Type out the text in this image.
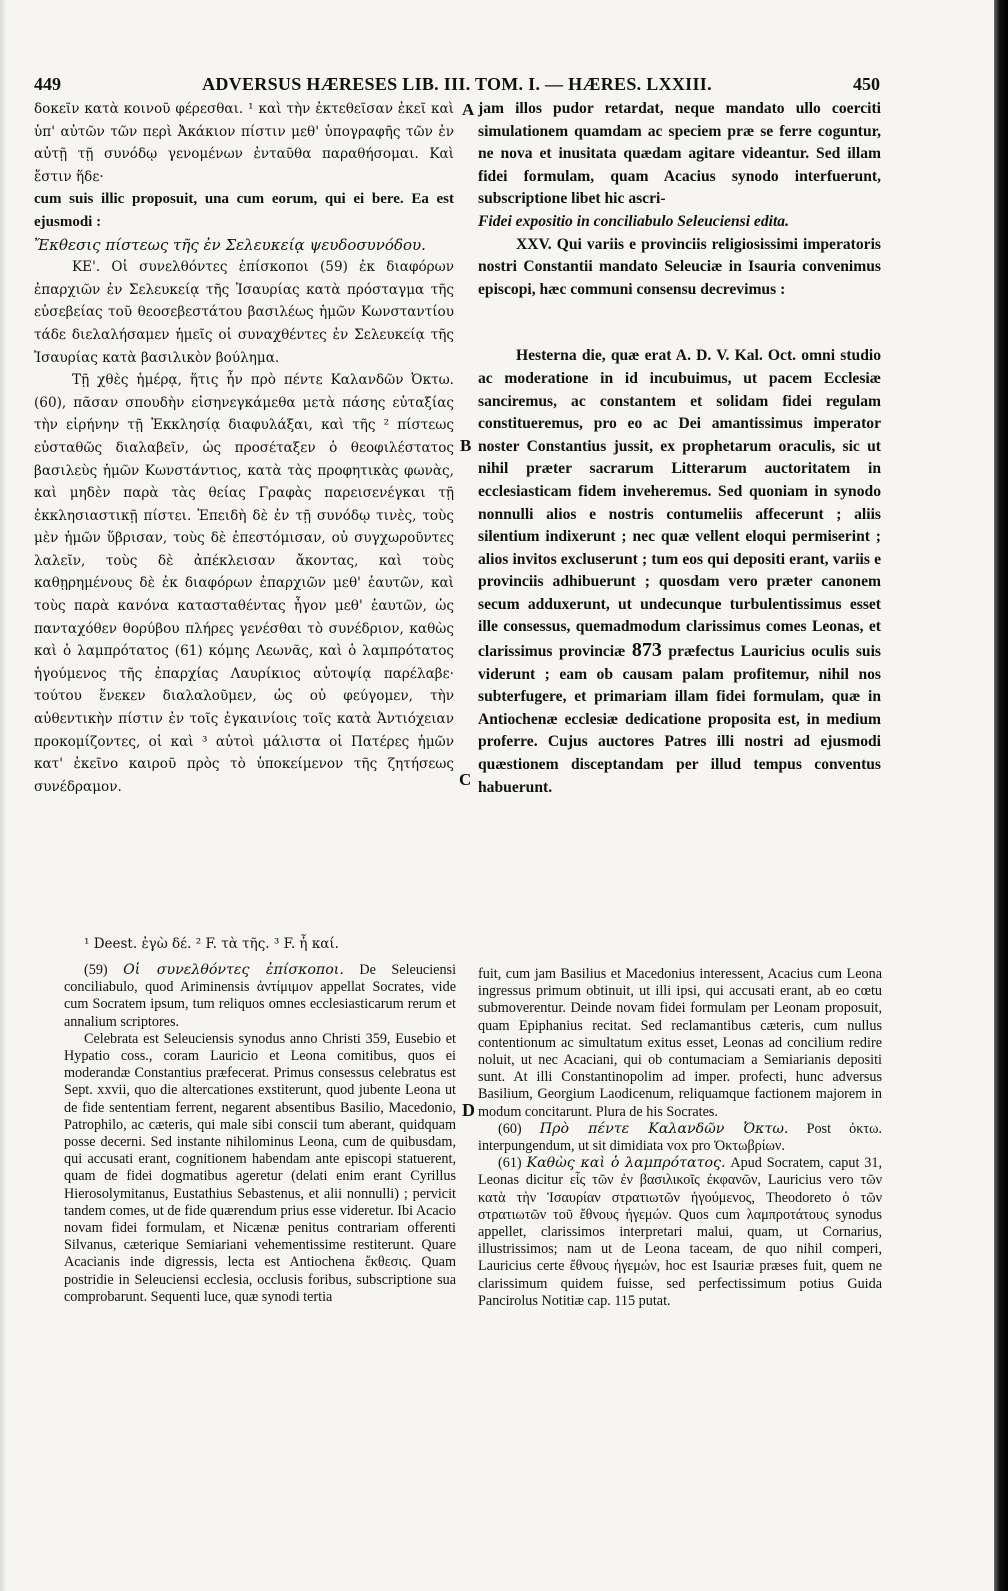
449	ADVERSUS HÆRESES LIB. III. TOM. I. — HÆRES. LXXIII.	450
A
B
C
D

δοκεῖν κατὰ κοινοῦ φέρεσθαι. ¹ καὶ τὴν ἐκτεθεῖσαν ἐκεῖ καὶ ὑπ' αὐτῶν τῶν περὶ Ἀκάκιον πίστιν μεθ' ὑπογραφῆς τῶν ἐν αὐτῇ τῇ συνόδῳ γενομένων ἐνταῦθα παραθήσομαι. Καὶ ἔστιν ἥδε·

cum suis illic proposuit, una cum eorum, qui ei bere. Ea est ejusmodi :

Ἔκθεσις πίστεως τῆς ἐν Σελευκείᾳ ψευδοσυνόδου.

ΚΕ'. Οἱ συνελθόντες ἐπίσκοποι (59) ἐκ διαφόρων ἐπαρχιῶν ἐν Σελευκείᾳ τῆς Ἰσαυρίας κατὰ πρόσταγμα τῆς εὐσεβείας τοῦ θεοσεβεστάτου βασιλέως ἡμῶν Κωνσταντίου τάδε διελαλήσαμεν ἡμεῖς οἱ συναχθέντες ἐν Σελευκείᾳ τῆς Ἰσαυρίας κατὰ βασιλικὸν βούλημα.

Τῇ χθὲς ἡμέρᾳ, ἥτις ἦν πρὸ πέντε Καλανδῶν Ὀκτω. (60), πᾶσαν σπουδὴν εἰσηνεγκάμεθα μετὰ πάσης εὐταξίας τὴν εἰρήνην τῇ Ἐκκλησίᾳ διαφυλάξαι, καὶ τῆς ² πίστεως εὐσταθῶς διαλαβεῖν, ὡς προσέταξεν ὁ θεοφιλέστατος βασιλεὺς ἡμῶν Κωνστάντιος, κατὰ τὰς προφητικὰς φωνὰς, καὶ μηδὲν παρὰ τὰς θείας Γραφὰς παρεισενέγκαι τῇ ἐκκλησιαστικῇ πίστει. Ἐπειδὴ δὲ ἐν τῇ συνόδῳ τινὲς, τοὺς μὲν ἡμῶν ὕβρισαν, τοὺς δὲ ἐπεστόμισαν, οὐ συγχωροῦντες λαλεῖν, τοὺς δὲ ἀπέκλεισαν ἄκοντας, καὶ τοὺς καθῃρημένους δὲ ἐκ διαφόρων ἐπαρχιῶν μεθ' ἑαυτῶν, καὶ τοὺς παρὰ κανόνα κατασταθέντας ἦγον μεθ' ἑαυτῶν, ὡς πανταχόθεν θορύβου πλήρες γενέσθαι τὸ συνέδριον, καθὼς καὶ ὁ λαμπρότατος (61) κόμης Λεωνᾶς, καὶ ὁ λαμπρότατος ἡγούμενος τῆς ἐπαρχίας Λαυρίκιος αὐτοψίᾳ παρέλαβε· τούτου ἕνεκεν διαλαλοῦμεν, ὡς οὐ φεύγομεν, τὴν αὐθεντικὴν πίστιν ἐν τοῖς ἐγκαινίοις τοῖς κατὰ Ἀντιόχειαν προκομίζοντες, οἱ καὶ ³ αὐτοὶ μάλιστα οἱ Πατέρες ἡμῶν κατ' ἐκεῖνο καιροῦ πρὸς τὸ ὑποκείμενον τῆς ζητήσεως συνέδραμον.

jam illos pudor retardat, neque mandato ullo coerciti simulationem quamdam ac speciem præ se ferre coguntur, ne nova et inusitata quædam agitare videantur. Sed illam fidei formulam, quam Acacius synodo interfuerunt, subscriptione libet hic ascri-

Fidei expositio in conciliabulo Seleuciensi edita.

XXV. Qui variis e provinciis religiosissimi imperatoris nostri Constantii mandato Seleuciæ in Isauria convenimus episcopi, hæc communi consensu decrevimus :

Hesterna die, quæ erat A. D. V. Kal. Oct. omni studio ac moderatione in id incubuimus, ut pacem Ecclesiæ sanciremus, ac constantem et solidam fidei regulam constitueremus, pro eo ac Dei amantissimus imperator noster Constantius jussit, ex prophetarum oraculis, sic ut nihil præter sacrarum Litterarum auctoritatem in ecclesiasticam fidem inveheremus. Sed quoniam in synodo nonnulli alios e nostris contumeliis affecerunt ; aliis silentium indixerunt ; nec quæ vellent eloqui permiserint ; alios invitos excluserunt ; tum eos qui depositi erant, variis e provinciis adhibuerunt ; quosdam vero præter canonem secum adduxerunt, ut undecunque turbulentissimus esset ille consessus, quemadmodum clarissimus comes Leonas, et clarissimus provinciæ 873 præfectus Lauricius oculis suis viderunt ; eam ob causam palam profitemur, nihil nos subterfugere, et primariam illam fidei formulam, quæ in Antiochenæ ecclesiæ dedicatione proposita est, in medium proferre. Cujus auctores Patres illi nostri ad ejusmodi quæstionem disceptandam per illud tempus conventus habuerunt.

¹ Deest. ἐγὼ δέ. ² F. τὰ τῆς. ³ F. ἦ καί.

(59) Οἱ συνελθόντες ἐπίσκοποι. De Seleuciensi conciliabulo, quod Ariminensis ἀντίμιμον appellat Socrates, vide cum Socratem ipsum, tum reliquos omnes ecclesiasticarum rerum et annalium scriptores.

Celebrata est Seleuciensis synodus anno Christi 359, Eusebio et Hypatio coss., coram Lauricio et Leona comitibus, quos ei moderandæ Constantius præfecerat. Primus consessus celebratus est Sept. xxvii, quo die altercationes exstiterunt, quod jubente Leona ut de fide sententiam ferrent, negarent absentibus Basilio, Macedonio, Patrophilo, ac cæteris, qui male sibi conscii tum aberant, quidquam posse decerni. Sed instante nihilominus Leona, cum de quibusdam, qui accusati erant, cognitionem habendam ante episcopi statuerent, quam de fidei dogmatibus ageretur (delati enim erant Cyrillus Hierosolymitanus, Eustathius Sebastenus, et alii nonnulli) ; pervicit tandem comes, ut de fide quærendum prius esse videretur. Ibi Acacio novam fidei formulam, et Nicænæ penitus contrariam offerenti Silvanus, cæterique Semiariani vehementissime restiterunt. Quare Acacianis inde digressis, lecta est Antiochena ἔκθεσις. Quam postridie in Seleuciensi ecclesia, occlusis foribus, subscriptione sua comprobarunt. Sequenti luce, quæ synodi tertia

fuit, cum jam Basilius et Macedonius interessent, Acacius cum Leona ingressus primum obtinuit, ut illi ipsi, qui accusati erant, ab eo cœtu submoverentur. Deinde novam fidei formulam per Leonam proposuit, quam Epiphanius recitat. Sed reclamantibus cæteris, cum nullus contentionum ac simultatum exitus esset, Leonas ad concilium redire noluit, ut nec Acaciani, qui ob contumaciam a Semiarianis depositi sunt. At illi Constantinopolim ad imper. profecti, hunc adversus Basilium, Georgium Laodicenum, reliquamque factionem majorem in modum concitarunt. Plura de his Socrates.

(60) Πρὸ πέντε Καλανδῶν Ὀκτω. Post ὀκτω. interpungendum, ut sit dimidiata vox pro Ὀκτωβρίων.

(61) Καθὼς καὶ ὁ λαμπρότατος. Apud Socratem, caput 31, Leonas dicitur εἷς τῶν ἐν βασιλικοῖς ἐκφανῶν, Lauricius vero τῶν κατὰ τὴν Ἰσαυρίαν στρατιωτῶν ἡγούμενος, Theodoreto ὁ τῶν στρατιωτῶν τοῦ ἔθνους ἡγεμών. Quos cum λαμπροτάτους synodus appellet, clarissimos interpretari malui, quam, ut Cornarius, illustrissimos; nam ut de Leona taceam, de quo nihil comperi, Lauricius certe ἔθνους ἡγεμών, hoc est Isauriæ præses fuit, quem ne clarissimum quidem fuisse, sed perfectissimum potius Guida Pancirolus Notitiæ cap. 115 putat.
